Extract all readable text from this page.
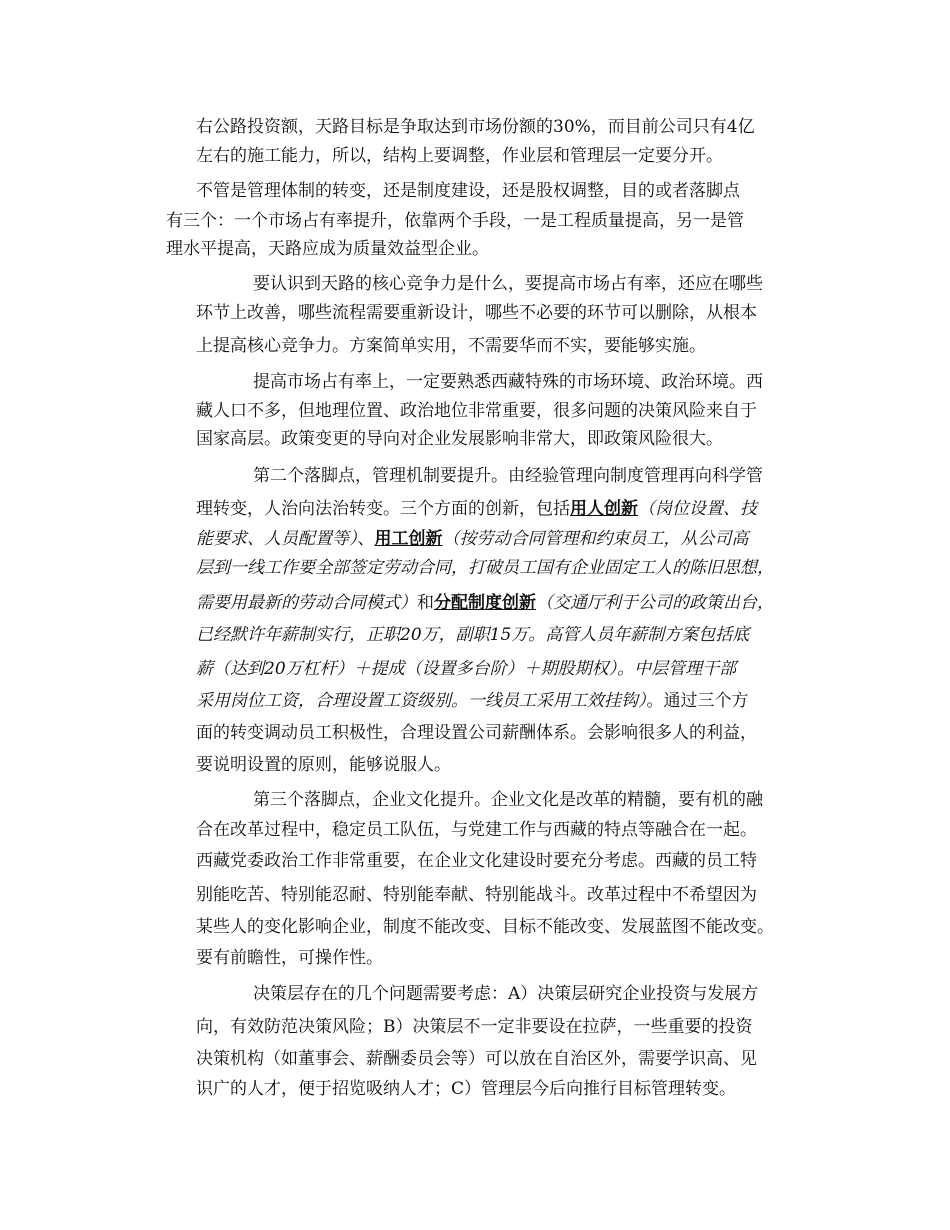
右公路投资额，天路目标是争取达到市场份额的30%，而目前公司只有4亿
左右的施工能力，所以，结构上要调整，作业层和管理层一定要分开。
不管是管理体制的转变，还是制度建设，还是股权调整，目的或者落脚点
有三个：一个市场占有率提升，依靠两个手段，一是工程质量提高，另一是管
理水平提高，天路应成为质量效益型企业。
要认识到天路的核心竞争力是什么，要提高市场占有率，还应在哪些
环节上改善，哪些流程需要重新设计，哪些不必要的环节可以删除，从根本
上提高核心竞争力。方案简单实用，不需要华而不实，要能够实施。
提高市场占有率上，一定要熟悉西藏特殊的市场环境、政治环境。西
藏人口不多，但地理位置、政治地位非常重要，很多问题的决策风险来自于
国家高层。政策变更的导向对企业发展影响非常大，即政策风险很大。
第二个落脚点，管理机制要提升。由经验管理向制度管理再向科学管
理转变，人治向法治转变。三个方面的创新，包括用人创新（岗位设置、技
能要求、人员配置等）、用工创新（按劳动合同管理和约束员工，从公司高
层到一线工作要全部签定劳动合同，打破员工国有企业固定工人的陈旧思想，
需要用最新的劳动合同模式）和分配制度创新（交通厅利于公司的政策出台，
已经默许年薪制实行，正职20万，副职15万。高管人员年薪制方案包括底
薪（达到20万杠杆）＋提成（设置多台阶）＋期股期权）。中层管理干部
采用岗位工资，合理设置工资级别。一线员工采用工效挂钩）。通过三个方
面的转变调动员工积极性，合理设置公司薪酬体系。会影响很多人的利益，
要说明设置的原则，能够说服人。
第三个落脚点，企业文化提升。企业文化是改革的精髓，要有机的融
合在改革过程中，稳定员工队伍，与党建工作与西藏的特点等融合在一起。
西藏党委政治工作非常重要，在企业文化建设时要充分考虑。西藏的员工特
别能吃苦、特别能忍耐、特别能奉献、特别能战斗。改革过程中不希望因为
某些人的变化影响企业，制度不能改变、目标不能改变、发展蓝图不能改变。
要有前瞻性，可操作性。
决策层存在的几个问题需要考虑：A）决策层研究企业投资与发展方
向，有效防范决策风险；B）决策层不一定非要设在拉萨，一些重要的投资
决策机构（如董事会、薪酬委员会等）可以放在自治区外，需要学识高、见
识广的人才，便于招览吸纳人才；C）管理层今后向推行目标管理转变。
